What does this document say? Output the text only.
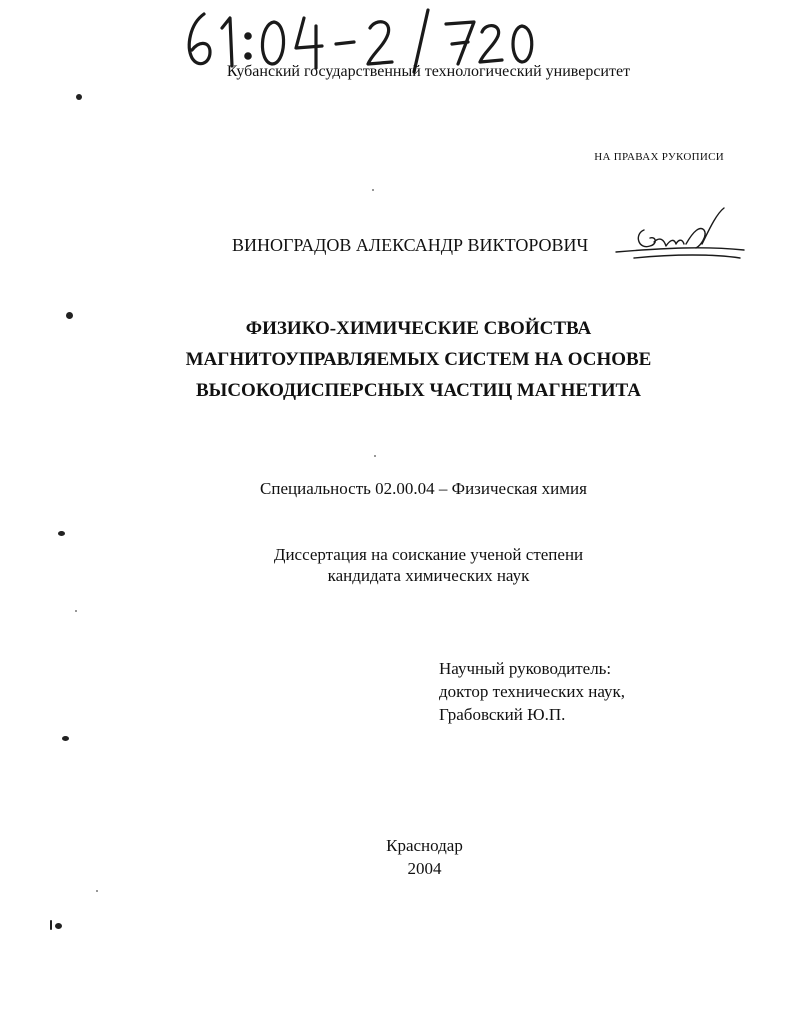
Кубанский государственный технологический университет
НА ПРАВАХ РУКОПИСИ
ВИНОГРАДОВ АЛЕКСАНДР ВИКТОРОВИЧ
ФИЗИКО-ХИМИЧЕСКИЕ СВОЙСТВА
МАГНИТОУПРАВЛЯЕМЫХ СИСТЕМ НА ОСНОВЕ
ВЫСОКОДИСПЕРСНЫХ ЧАСТИЦ МАГНЕТИТА
Специальность 02.00.04 – Физическая химия
Диссертация на соискание ученой степени
кандидата химических наук
Научный руководитель:
доктор технических наук,
Грабовский Ю.П.
Краснодар
2004
